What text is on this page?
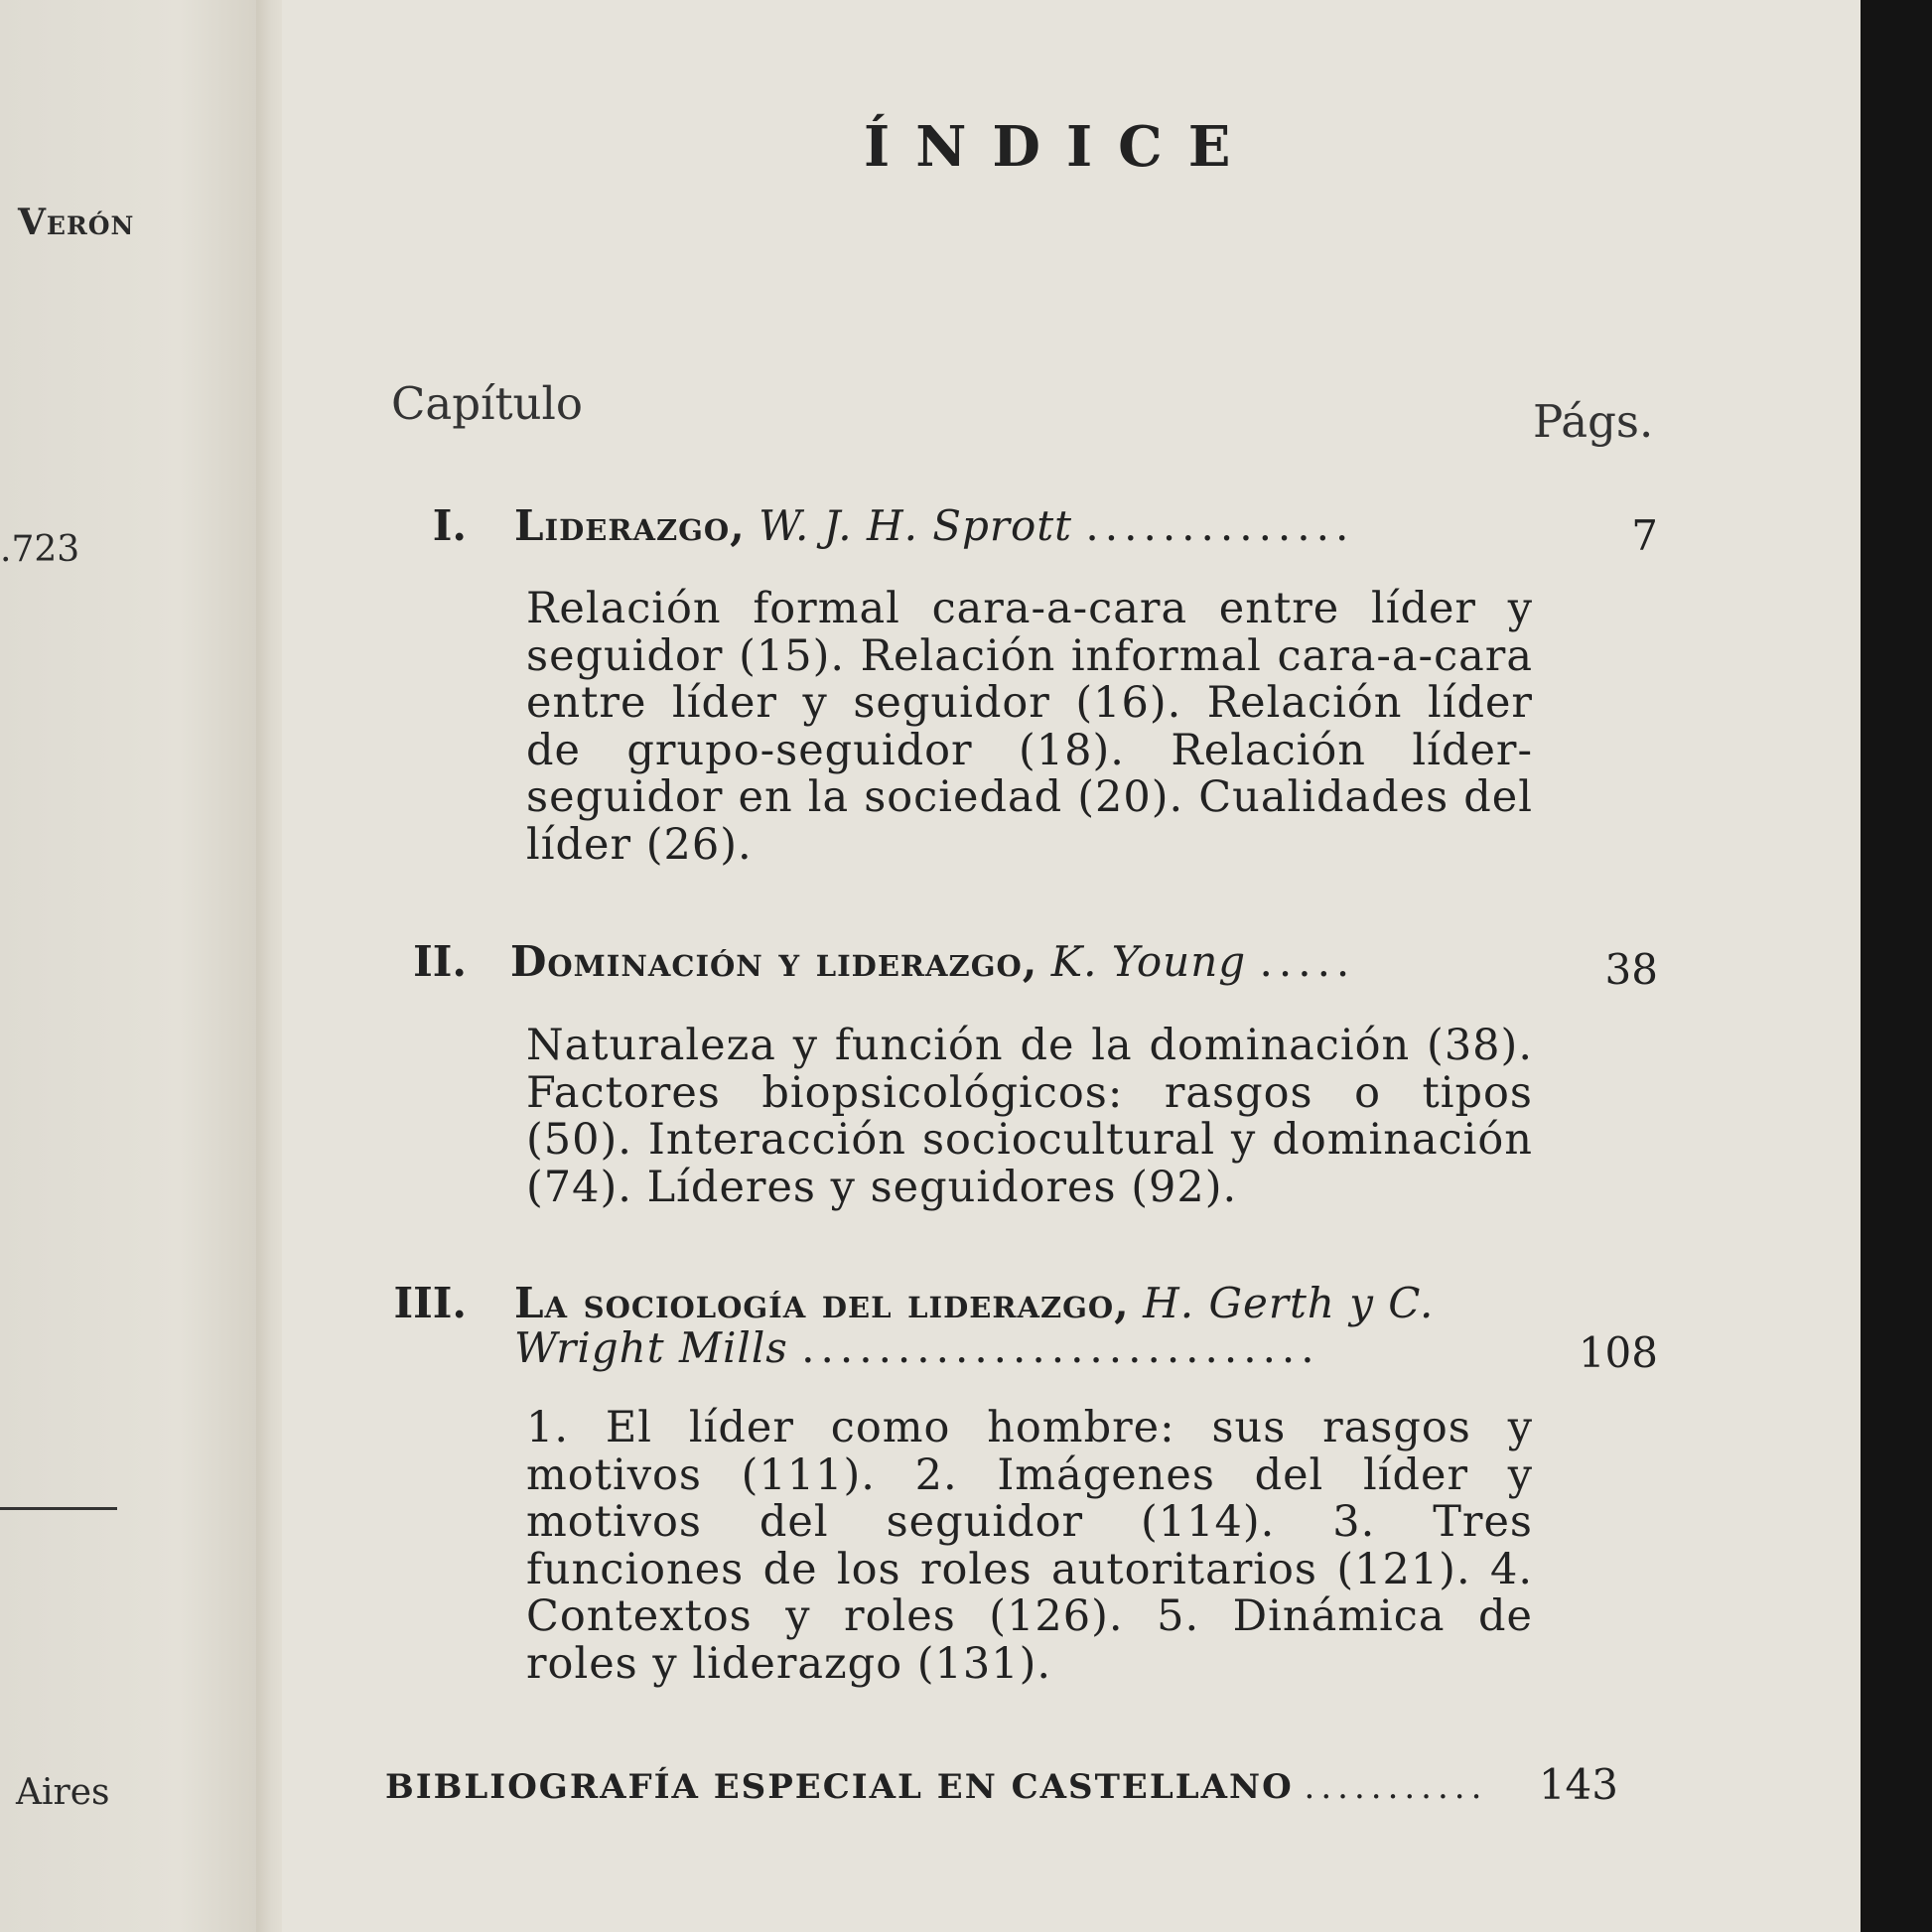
Verón
.723
Aires
ÍNDICE
Capítulo	Págs.
I. Liderazgo, W. J. H. Sprott ..............	7
Relación formal cara-a-cara entre líder y seguidor (15). Relación informal cara-a-cara entre líder y seguidor (16). Relación líder de grupo-seguidor (18). Relación líder-seguidor en la sociedad (20). Cualidades del líder (26).
II. Dominación y liderazgo, K. Young .....	38
Naturaleza y función de la dominación (38). Factores biopsicológicos: rasgos o tipos (50). Interacción sociocultural y dominación (74). Líderes y seguidores (92).
III. La sociología del liderazgo, H. Gerth y C.
Wright Mills ...........................	108
1. El líder como hombre: sus rasgos y motivos (111). 2. Imágenes del líder y motivos del seguidor (114). 3. Tres funciones de los roles autoritarios (121). 4. Contextos y roles (126). 5. Dinámica de roles y liderazgo (131).
BIBLIOGRAFÍA ESPECIAL EN CASTELLANO ...........	143
